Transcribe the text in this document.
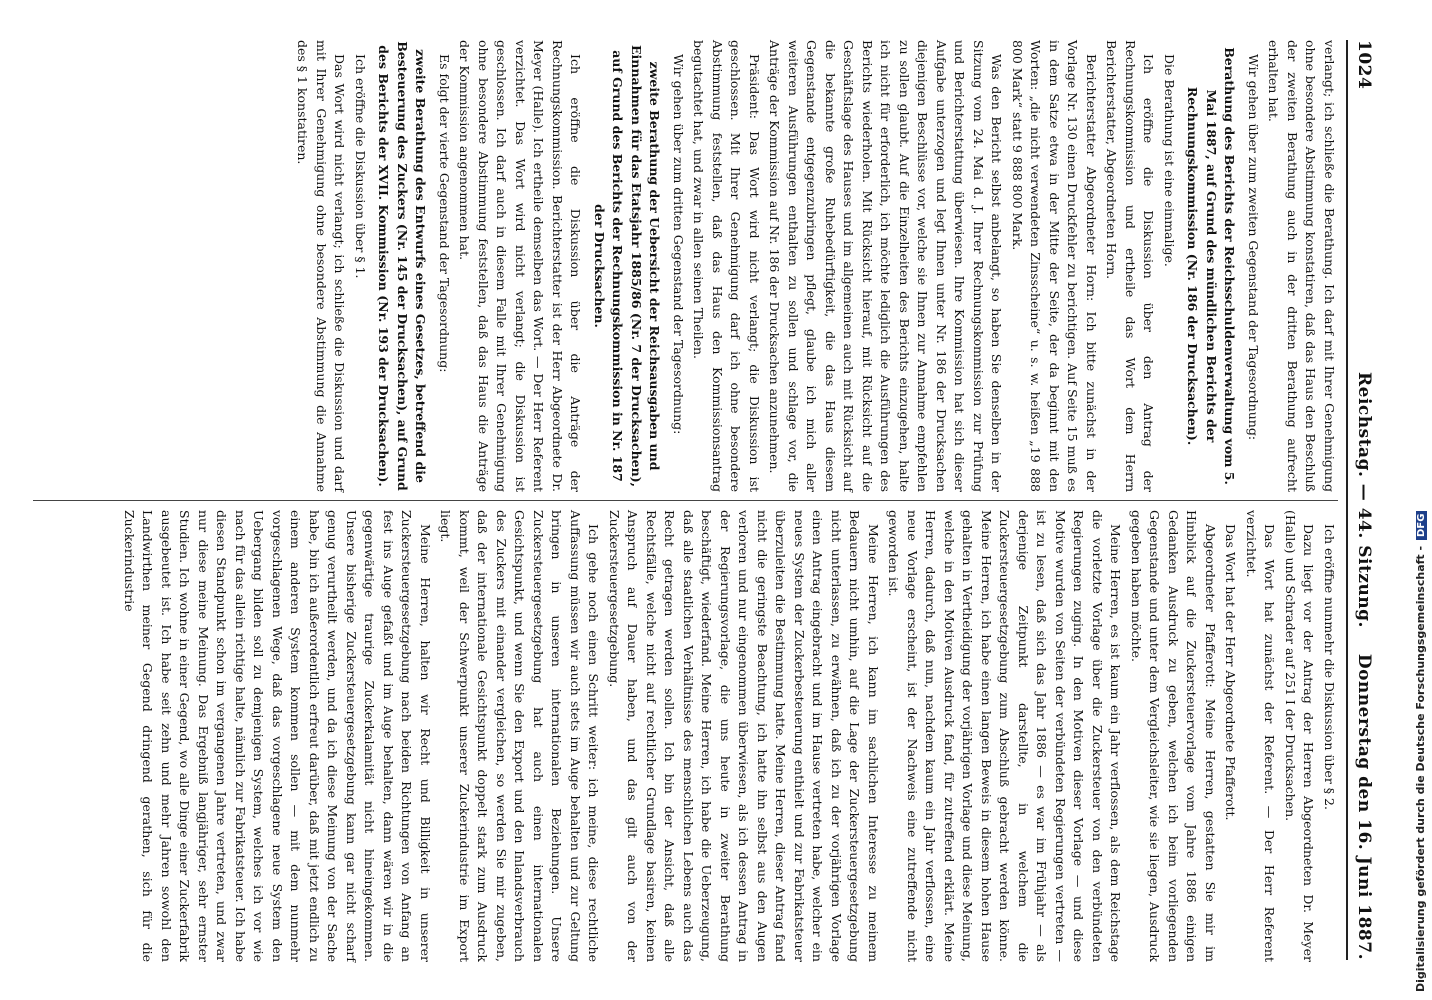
1024
Reichstag. — 44. Sitzung.
Donnerstag den 16. Juni 1887.

verlangt; ich schließe die Berathung. Ich darf mit Ihrer Genehmigung ohne besondere Abstimmung konstatiren, daß das Haus den Beschluß der zweiten Berathung auch in der dritten Berathung aufrecht erhalten hat.

Wir gehen über zum zweiten Gegenstand der Tagesordnung:

Berathung des Berichts der Reichsschuldenverwaltung vom 5. Mai 1887, auf Grund des mündlichen Berichts der Rechnungskommission (Nr. 186 der Drucksachen).

Die Berathung ist eine einmalige.

Ich eröffne die Diskussion über den Antrag der Rechnungskommission und ertheile das Wort dem Herrn Berichterstatter, Abgeordneten Horn.

Berichterstatter Abgeordneter Horn: Ich bitte zunächst in der Vorlage Nr. 130 einen Druckfehler zu berichtigen. Auf Seite 15 muß es in dem Satze etwa in der Mitte der Seite, der da beginnt mit den Worten: „die nicht verwendeten Zinsscheine“ u. s. w. heißen „19 888 800 Mark“ statt 9 888 800 Mark.

Was den Bericht selbst anbelangt, so haben Sie denselben in der Sitzung vom 24. Mai d. J. Ihrer Rechnungskommission zur Prüfung und Berichterstattung überwiesen. Ihre Kommission hat sich dieser Aufgabe unterzogen und legt Ihnen unter Nr. 186 der Drucksachen diejenigen Beschlüsse vor, welche sie Ihnen zur Annahme empfehlen zu sollen glaubt. Auf die Einzelheiten des Berichts einzugehen, halte ich nicht für erforderlich, ich möchte lediglich die Ausführungen des Berichts wiederholen. Mit Rücksicht hierauf, mit Rücksicht auf die Geschäftslage des Hauses und im allgemeinen auch mit Rücksicht auf die bekannte große Ruhebedürftigkeit, die das Haus diesem Gegenstande entgegenzubringen pflegt, glaube ich mich aller weiteren Ausführungen enthalten zu sollen und schlage vor, die Anträge der Kommission auf Nr. 186 der Drucksachen anzunehmen.

Präsident: Das Wort wird nicht verlangt; die Diskussion ist geschlossen. Mit Ihrer Genehmigung darf ich ohne besondere Abstimmung feststellen, daß das Haus den Kommissionsantrag begutachtet hat, und zwar in allen seinen Theilen.

Wir gehen über zum dritten Gegenstand der Tagesordnung:

zweite Berathung der Uebersicht der Reichsausgaben und Einnahmen für das Etatsjahr 1885/86 (Nr. 7 der Drucksachen), auf Grund des Berichts der Rechnungskommission in Nr. 187 der Drucksachen.

Ich eröffne die Diskussion über die Anträge der Rechnungskommission. Berichterstatter ist der Herr Abgeordnete Dr. Meyer (Halle). Ich ertheile demselben das Wort. — Der Herr Referent verzichtet. Das Wort wird nicht verlangt; die Diskussion ist geschlossen. Ich darf auch in diesem Falle mit Ihrer Genehmigung ohne besondere Abstimmung feststellen, daß das Haus die Anträge der Kommission angenommen hat.

Es folgt der vierte Gegenstand der Tagesordnung:

zweite Berathung des Entwurfs eines Gesetzes, betreffend die Besteuerung des Zuckers (Nr. 145 der Drucksachen), auf Grund des Berichts der XVII. Kommission (Nr. 193 der Drucksachen).

Ich eröffne die Diskussion über § 1.

Das Wort wird nicht verlangt; ich schließe die Diskussion und darf mit Ihrer Genehmigung ohne besondere Abstimmung die Annahme des § 1 konstatiren.

Ich eröffne nunmehr die Diskussion über § 2.

Dazu liegt vor der Antrag der Herren Abgeordneten Dr. Meyer (Halle) und Schrader auf 251 I der Drucksachen.

Das Wort hat zunächst der Referent. — Der Herr Referent verzichtet.

Das Wort hat der Herr Abgeordnete Pfafferott.

Abgeordneter Pfafferott: Meine Herren, gestatten Sie mir im Hinblick auf die Zuckersteuervorlage vom Jahre 1886 einigen Gedanken Ausdruck zu geben, welchen ich beim vorliegenden Gegenstande und unter dem Vergleichsleiter, wie sie liegen, Ausdruck gegeben haben möchte.

Meine Herren, es ist kaum ein Jahr verflossen, als dem Reichstage die vorletzte Vorlage über die Zuckersteuer von den verbündeten Regierungen zuging. In den Motiven dieser Vorlage — und diese Motive wurden von Seiten der verbündeten Regierungen vertreten — ist zu lesen, daß sich das Jahr 1886 — es war im Frühjahr — als derjenige Zeitpunkt darstellte, in welchem die Zuckersteuergesetzgebung zum Abschluß gebracht werden könne. Meine Herren, ich habe einen langen Beweis in diesem hohen Hause gehalten in Vertheidigung der vorjährigen Vorlage und diese Meinung, welche in den Motiven Ausdruck fand, für zutreffend erklärt. Meine Herren, dadurch, daß nun, nachdem kaum ein Jahr verflossen, eine neue Vorlage erscheint, ist der Nachweis eine zutreffende nicht geworden ist.

Meine Herren, ich kann im sachlichen Interesse zu meinem Bedauern nicht umhin, auf die Lage der Zuckersteuergesetzgebung nicht unterlassen, zu erwähnen, daß ich zu der vorjährigen Vorlage einen Antrag eingebracht und im Hause vertreten habe, welcher ein neues System der Zuckerbesteuerung enthielt und zur Fabrikatsteuer überzuleiten die Bestimmung hatte. Meine Herren, dieser Antrag fand nicht die geringste Beachtung, ich hatte ihn selbst aus den Augen verloren und nur eingenommen überwiesen, als ich dessen Antrag in der Regierungsvorlage, die uns heute in zweiter Berathung beschäftigt, wiederfand. Meine Herren, ich habe die Ueberzeugung, daß alle staatlichen Verhältnisse des menschlichen Lebens auch das Recht getragen werden sollen. Ich bin der Ansicht, daß alle Rechtsfälle, welche nicht auf rechtlicher Grundlage basiren, keinen Anspruch auf Dauer haben, und das gilt auch von der Zuckersteuergesetzgebung.

Ich gehe noch einen Schritt weiter: ich meine, diese rechtliche Auffassung müssen wir auch stets im Auge behalten und zur Geltung bringen in unseren internationalen Beziehungen. Unsere Zuckersteuergesetzgebung hat auch einen internationalen Gesichtspunkt, und wenn Sie den Export und den Inlandsverbrauch des Zuckers mit einander vergleichen, so werden Sie mir zugeben, daß der internationale Gesichtspunkt doppelt stark zum Ausdruck kommt, weil der Schwerpunkt unserer Zuckerindustrie im Export liegt.

Meine Herren, halten wir Recht und Billigkeit in unserer Zuckersteuergesetzgebung nach beiden Richtungen von Anfang an fest ins Auge gefaßt und im Auge behalten, dann wären wir in die gegenwärtige traurige Zuckerkalamität nicht hineingekommen. Unsere bisherige Zuckersteuergesetzgebung kann gar nicht scharf genug verurtheilt werden, und da ich diese Meinung von der Sache habe, bin ich außerordentlich erfreut darüber, daß mit jetzt endlich zu einem anderen System kommen sollen — mit dem nunmehr vorgeschlagenen Wege, daß das vorgeschlagene neue System den Uebergang bilden soll zu demjenigen System, welches ich vor wie nach für das allein richtige halte, nämlich zur Fabrikatsteuer. Ich habe diesen Standpunkt schon im vergangenen Jahre vertreten, und zwar nur diese meine Meinung. Das Ergebniß langjähriger, sehr ernster Studien. Ich wohne in einer Gegend, wo alle Dinge einer Zuckerfabrik ausgebeutet ist. Ich habe seit zehn und mehr Jahren sowohl den Landwirthen meiner Gegend dringend gerathen, sich für die Zuckerindustrie	Digitalisierung gefördert durch die Deutsche Forschungsgemeinschaft -DFG
